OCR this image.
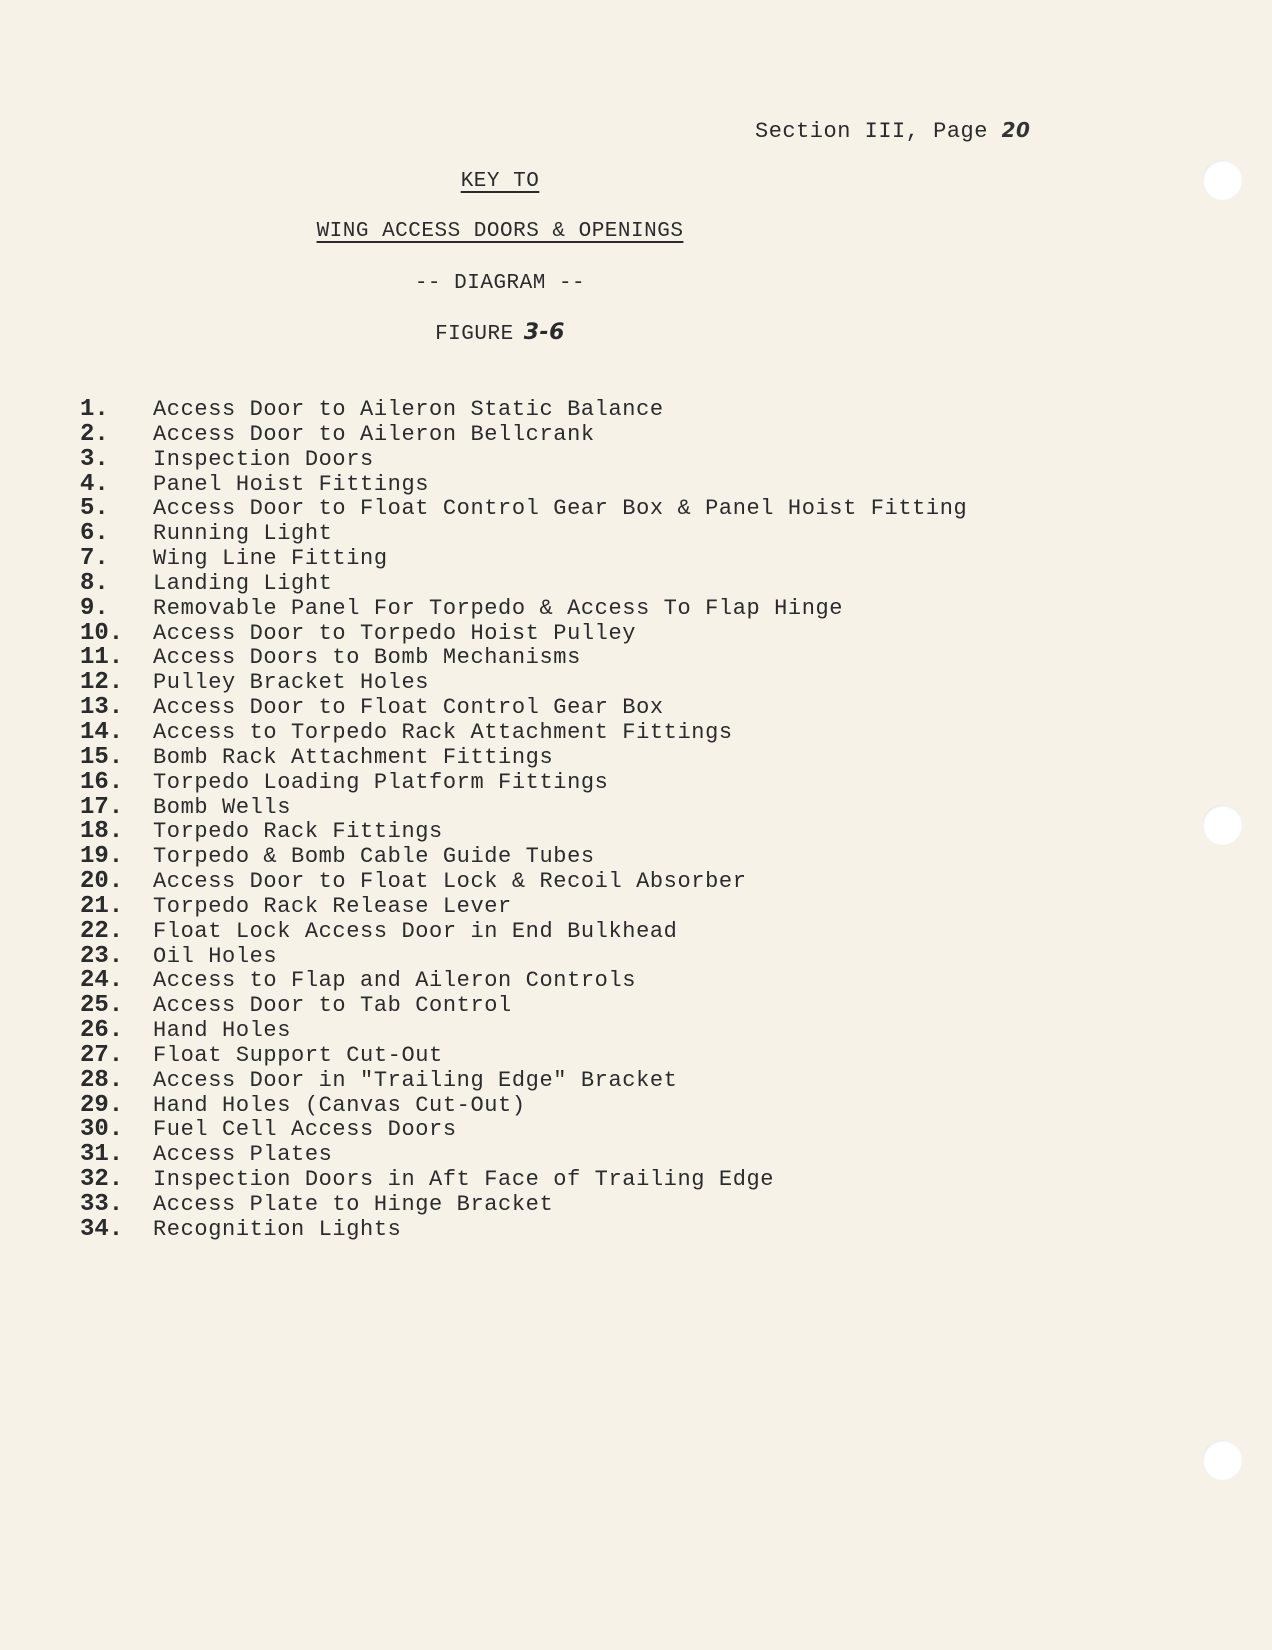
Section III, Page 20
KEY TO
WING ACCESS DOORS & OPENINGS
-- DIAGRAM --
FIGURE 3-6
1.	Access Door to Aileron Static Balance
2.	Access Door to Aileron Bellcrank
3.	Inspection Doors
4.	Panel Hoist Fittings
5.	Access Door to Float Control Gear Box & Panel Hoist Fitting
6.	Running Light
7.	Wing Line Fitting
8.	Landing Light
9.	Removable Panel For Torpedo & Access To Flap Hinge
10.	Access Door to Torpedo Hoist Pulley
11.	Access Doors to Bomb Mechanisms
12.	Pulley Bracket Holes
13.	Access Door to Float Control Gear Box
14.	Access to Torpedo Rack Attachment Fittings
15.	Bomb Rack Attachment Fittings
16.	Torpedo Loading Platform Fittings
17.	Bomb Wells
18.	Torpedo Rack Fittings
19.	Torpedo & Bomb Cable Guide Tubes
20.	Access Door to Float Lock & Recoil Absorber
21.	Torpedo Rack Release Lever
22.	Float Lock Access Door in End Bulkhead
23.	Oil Holes
24.	Access to Flap and Aileron Controls
25.	Access Door to Tab Control
26.	Hand Holes
27.	Float Support Cut-Out
28.	Access Door in "Trailing Edge" Bracket
29.	Hand Holes (Canvas Cut-Out)
30.	Fuel Cell Access Doors
31.	Access Plates
32.	Inspection Doors in Aft Face of Trailing Edge
33.	Access Plate to Hinge Bracket
34.	Recognition Lights
